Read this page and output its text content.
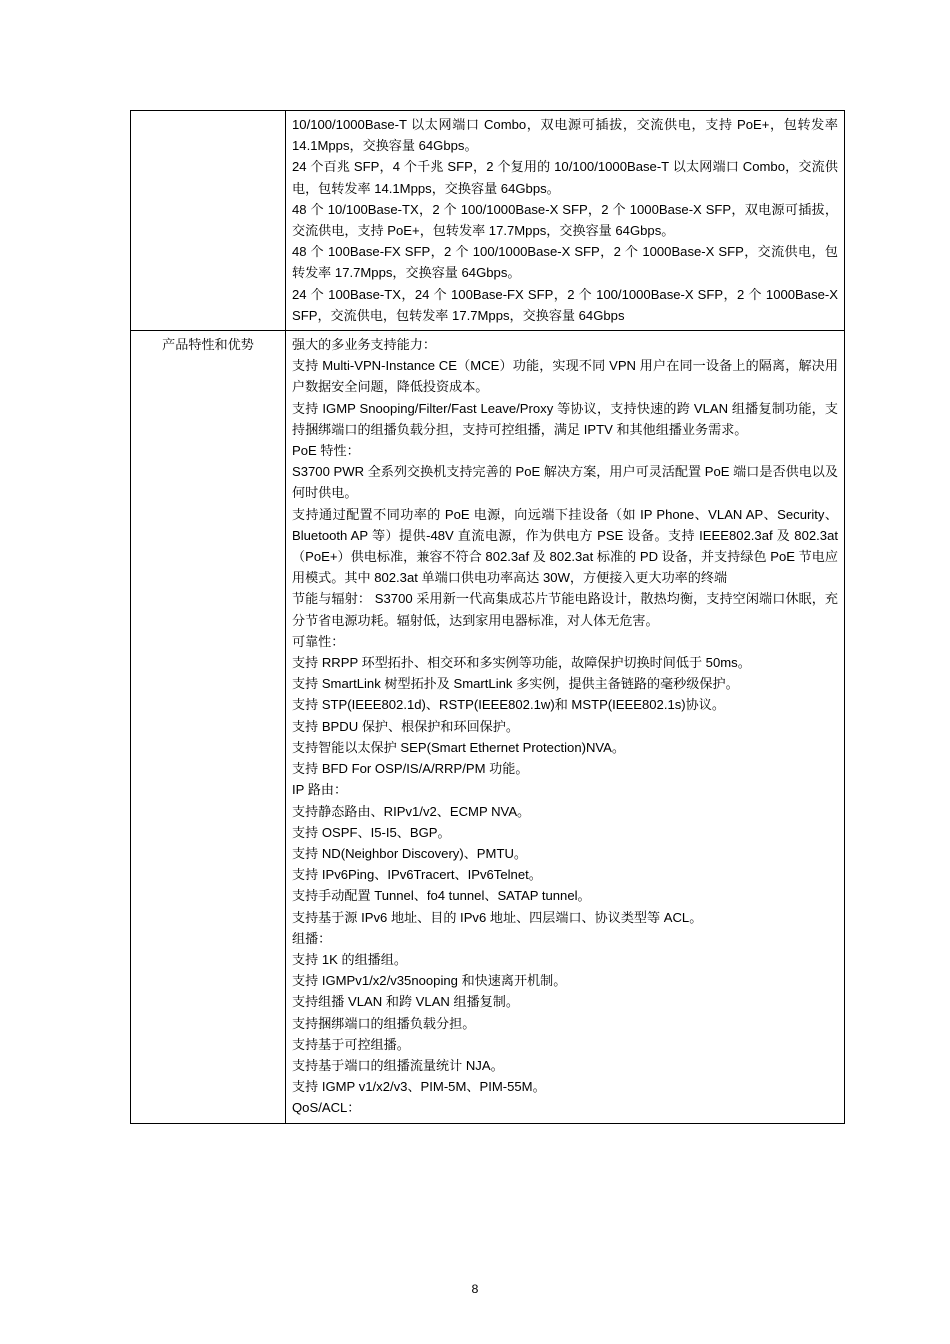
	10/100/1000Base-T 以太网端口 Combo，双电源可插拔，交流供电，支持 PoE+，包转发率 14.1Mpps，交换容量 64Gbps。

24 个百兆 SFP，4 个千兆 SFP，2 个复用的 10/100/1000Base-T 以太网端口 Combo，交流供电，包转发率 14.1Mpps，交换容量 64Gbps。

48 个 10/100Base-TX，2 个 100/1000Base-X SFP，2 个 1000Base-X SFP，双电源可插拔，交流供电，支持 PoE+，包转发率 17.7Mpps，交换容量 64Gbps。

48 个 100Base-FX SFP，2 个 100/1000Base-X SFP，2 个 1000Base-X SFP，交流供电，包转发率 17.7Mpps，交换容量 64Gbps。

24 个 100Base-TX，24 个 100Base-FX SFP，2 个 100/1000Base-X SFP，2 个 1000Base-X SFP，交流供电，包转发率 17.7Mpps，交换容量 64Gbps

产品特性和优势	强大的多业务支持能力：

支持 Multi-VPN-Instance CE（MCE）功能，实现不同 VPN 用户在同一设备上的隔离，解决用户数据安全问题，降低投资成本。

支持 IGMP Snooping/Filter/Fast Leave/Proxy 等协议，支持快速的跨 VLAN 组播复制功能，支持捆绑端口的组播负载分担，支持可控组播，满足 IPTV 和其他组播业务需求。

PoE 特性：

S3700 PWR 全系列交换机支持完善的 PoE 解决方案，用户可灵活配置 PoE 端口是否供电以及何时供电。

支持通过配置不同功率的 PoE 电源，向远端下挂设备（如 IP Phone、VLAN AP、Security、Bluetooth AP 等）提供-48V 直流电源，作为供电方 PSE 设备。支持 IEEE802.3af 及 802.3at（PoE+）供电标准，兼容不符合 802.3af 及 802.3at 标准的 PD 设备，并支持绿色 PoE 节电应用模式。其中 802.3at 单端口供电功率高达 30W，方便接入更大功率的终端

节能与辐射： S3700 采用新一代高集成芯片节能电路设计，散热均衡，支持空闲端口休眠，充分节省电源功耗。辐射低，达到家用电器标准，对人体无危害。

可靠性：

支持 RRPP 环型拓扑、相交环和多实例等功能，故障保护切换时间低于 50ms。

支持 SmartLink 树型拓扑及 SmartLink 多实例，提供主备链路的毫秒级保护。

支持 STP(IEEE802.1d)、RSTP(IEEE802.1w)和 MSTP(IEEE802.1s)协议。

支持 BPDU 保护、根保护和环回保护。

支持智能以太保护 SEP(Smart Ethernet Protection)NVA。

支持 BFD For OSP/IS/A/RRP/PM 功能。

IP 路由：

支持静态路由、RIPv1/v2、ECMP NVA。

支持 OSPF、I5-I5、BGP。

支持 ND(Neighbor Discovery)、PMTU。

支持 IPv6Ping、IPv6Tracert、IPv6Telnet。

支持手动配置 Tunnel、fo4 tunnel、SATAP tunnel。

支持基于源 IPv6 地址、目的 IPv6 地址、四层端口、协议类型等 ACL。

组播：

支持 1K 的组播组。

支持 IGMPv1/x2/v35nooping 和快速离开机制。

支持组播 VLAN 和跨 VLAN 组播复制。

支持捆绑端口的组播负载分担。

支持基于可控组播。

支持基于端口的组播流量统计 NJA。

支持 IGMP v1/x2/v3、PIM-5M、PIM-55M。

QoS/ACL：

8
